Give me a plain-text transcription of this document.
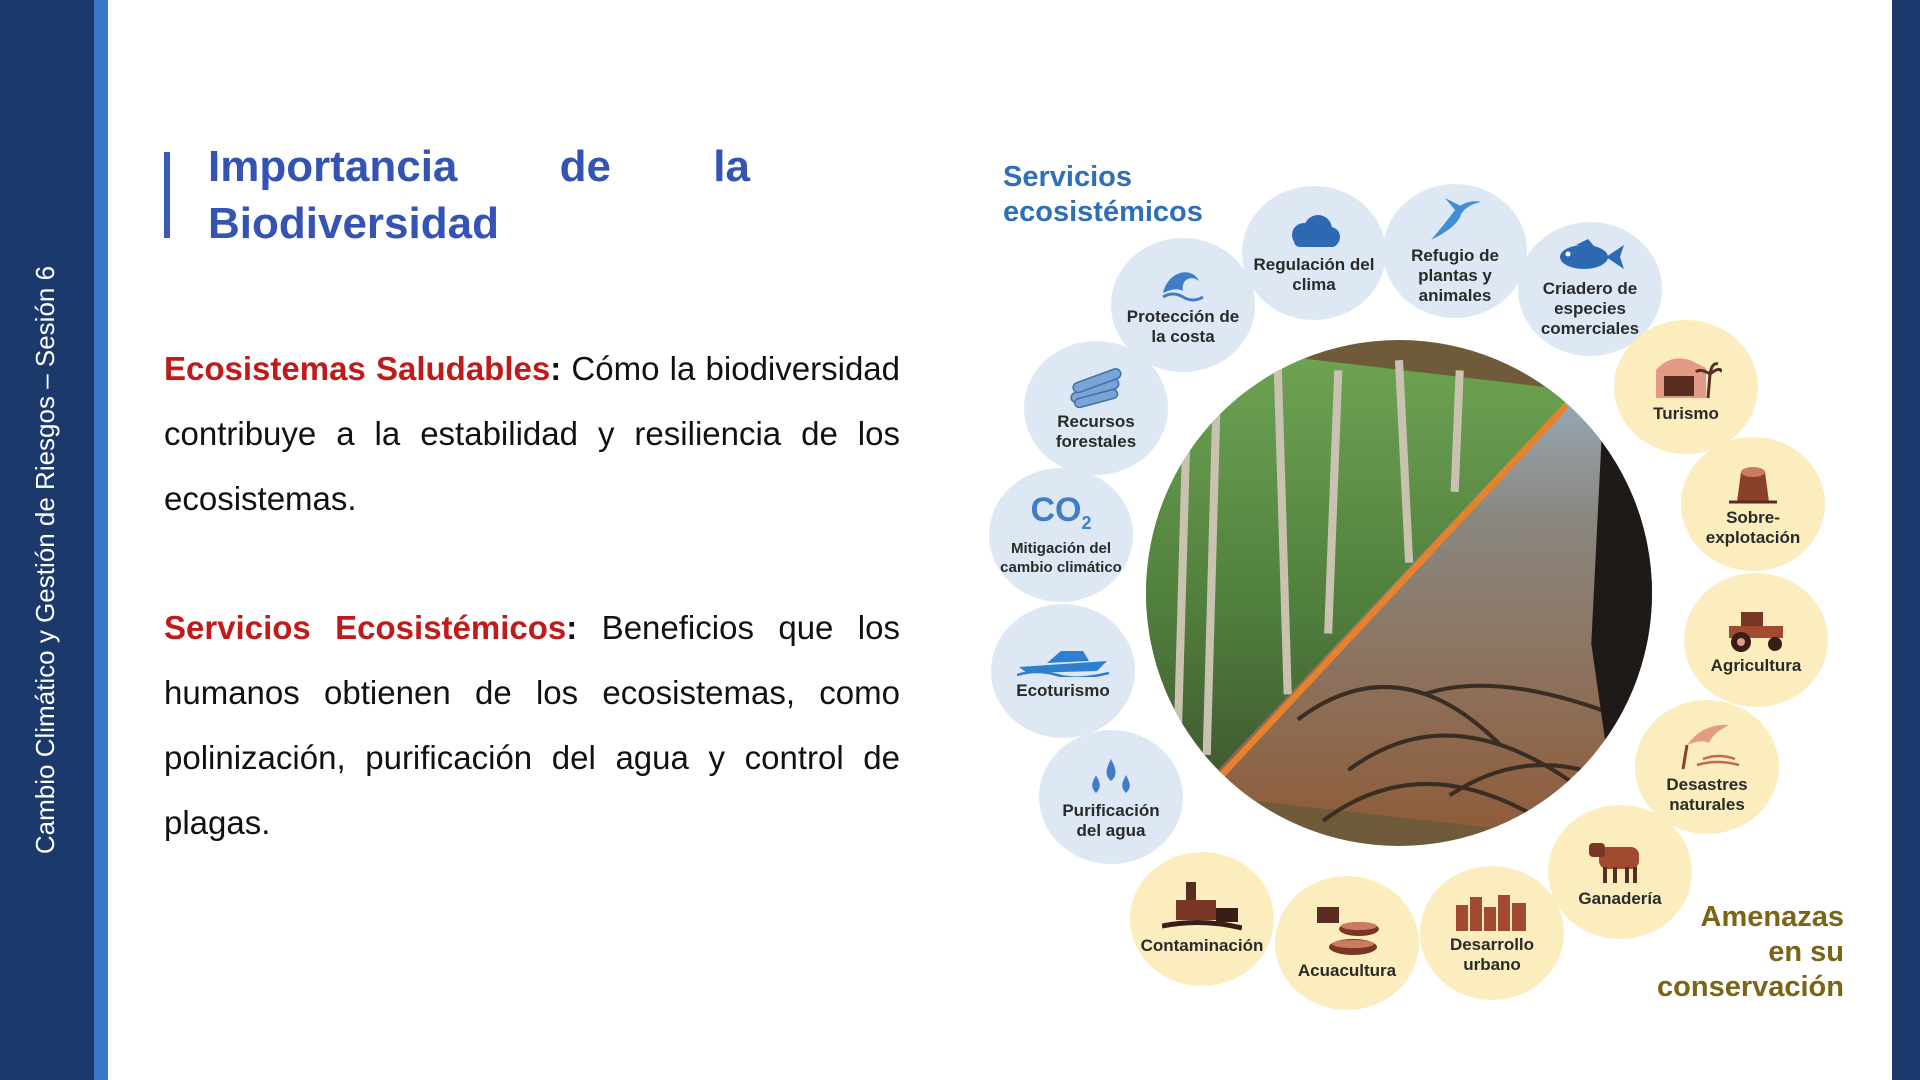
Cambio Climático y Gestión de Riesgos – Sesión 6
Importancia de la
Biodiversidad

Ecosistemas Saludables: Cómo la biodiversidad contribuye a la estabilidad y resiliencia de los ecosistemas.

Servicios Ecosistémicos: Beneficios que los humanos obtienen de los ecosistemas, como polinización, purificación del agua y control de plagas.

Servicios
ecosistémicos
Amenazas
en su
conservación
Protección de la costa
Regulación del clima
Refugio de plantas y animales	Criadero de especies comerciales
Recursos forestales
$CO_2$
Mitigación del cambio climático
Ecoturismo
Purificación del agua
Turismo
Sobre-explotación
Agricultura
Desastres naturales
Ganadería
Desarrollo urbano
Acuacultura
Contaminación
